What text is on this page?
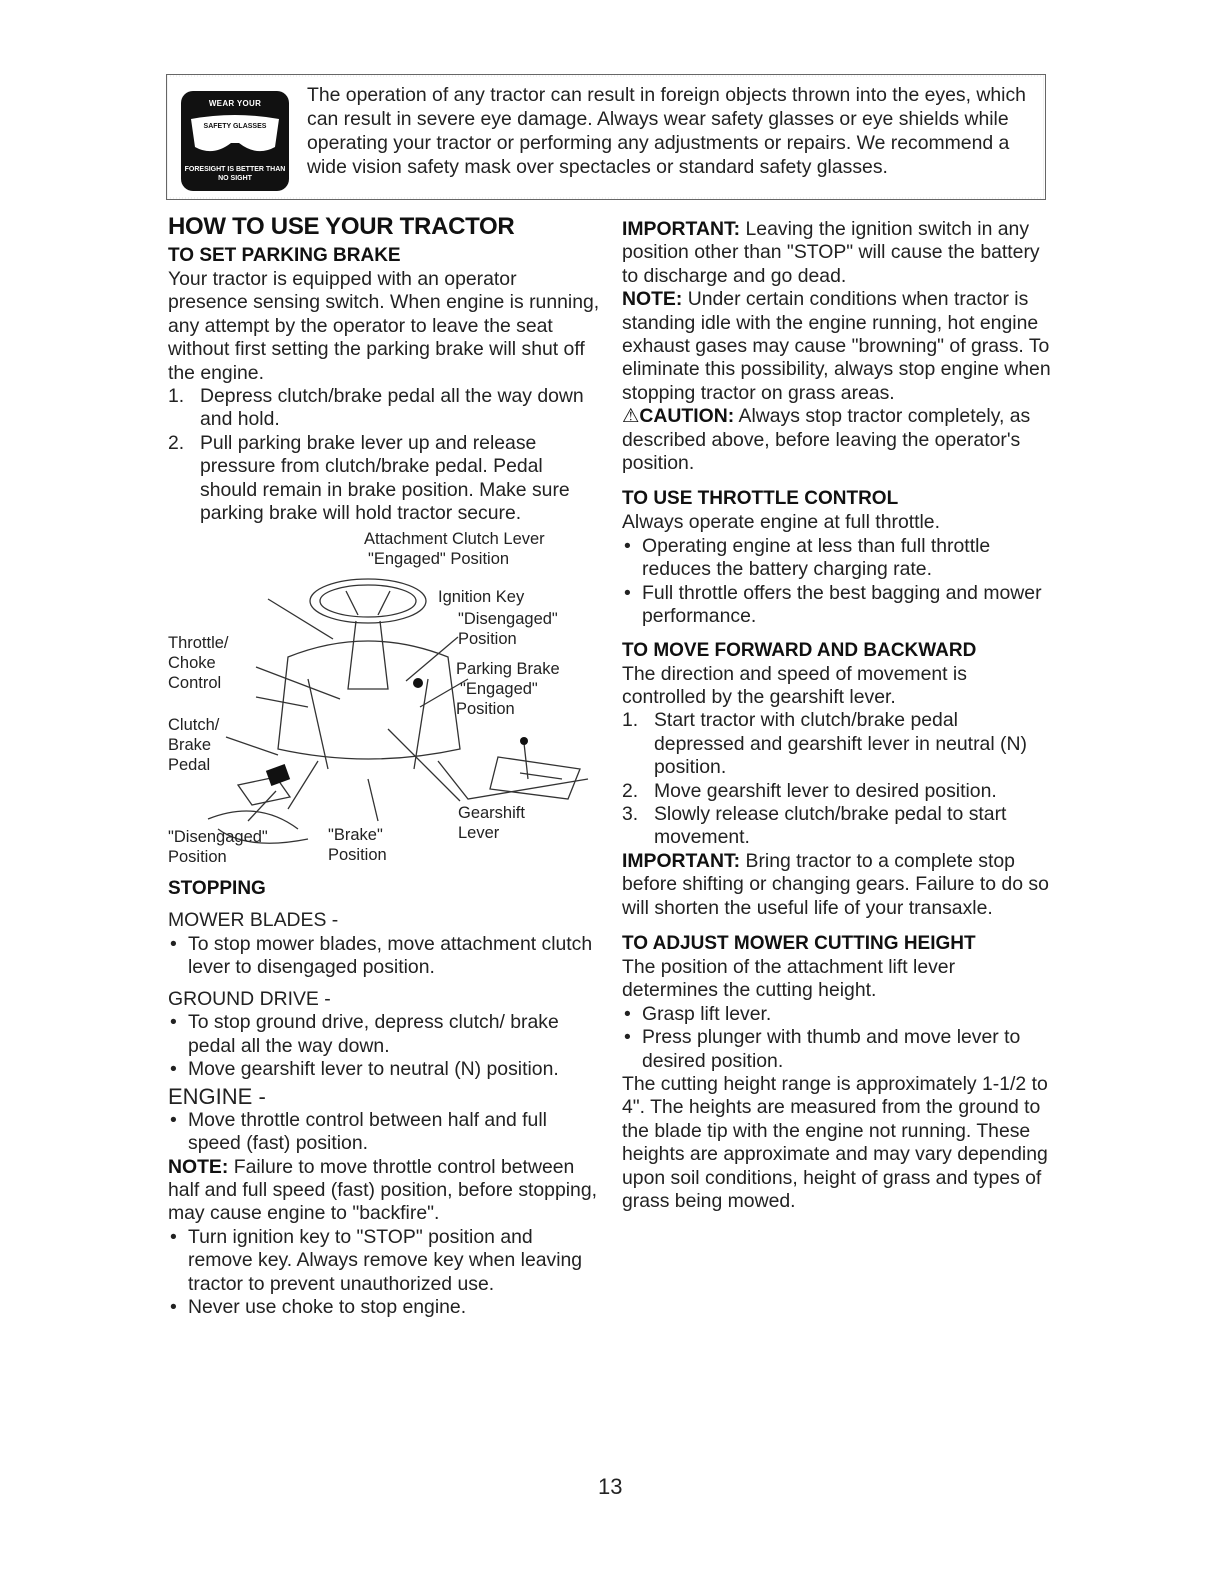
WEAR YOUR
SAFETY GLASSES
FORESIGHT IS BETTER THAN NO SIGHT
The operation of any tractor can result in foreign objects thrown into the eyes, which can result in severe eye damage. Always wear safety glasses or eye shields while operating your tractor or performing any adjustments or repairs. We recommend a wide vision safety mask over spectacles or standard safety glasses.
HOW TO USE YOUR TRACTOR
TO SET PARKING BRAKE

Your tractor is equipped with an operator presence sensing switch. When engine is running, any attempt by the operator to leave the seat without first setting the parking brake will shut off the engine.

1. Depress clutch/brake pedal all the way down and hold.
2. Pull parking brake lever up and release pressure from clutch/brake pedal. Pedal should remain in brake position. Make sure parking brake will hold tractor secure.
Attachment Clutch Lever
"Engaged" Position
Ignition Key
"Disengaged"
Position
Throttle/
Choke
Control
Parking Brake
"Engaged"
Position
Clutch/
Brake
Pedal
Gearshift
Lever
"Disengaged"
Position
"Brake"
Position
STOPPING
MOWER BLADES -
• To stop mower blades, move attachment clutch lever to disengaged position.
GROUND DRIVE -
• To stop ground drive, depress clutch/ brake pedal all the way down.
• Move gearshift lever to neutral (N) position.
ENGINE -
• Move throttle control between half and full speed (fast) position.

NOTE: Failure to move throttle control between half and full speed (fast) position, before stopping, may cause engine to "backfire".

• Turn ignition key to "STOP" position and remove key. Always remove key when leaving tractor to prevent unauthorized use.
• Never use choke to stop engine.

IMPORTANT: Leaving the ignition switch in any position other than "STOP" will cause the battery to discharge and go dead.

NOTE: Under certain conditions when tractor is standing idle with the engine running, hot engine exhaust gases may cause "browning" of grass. To eliminate this possibility, always stop engine when stopping tractor on grass areas.

⚠CAUTION: Always stop tractor completely, as described above, before leaving the operator's position.

TO USE THROTTLE CONTROL

Always operate engine at full throttle.

• Operating engine at less than full throttle reduces the battery charging rate.
• Full throttle offers the best bagging and mower performance.
TO MOVE FORWARD AND BACKWARD

The direction and speed of movement is controlled by the gearshift lever.

1. Start tractor with clutch/brake pedal depressed and gearshift lever in neutral (N) position.
2. Move gearshift lever to desired position.
3. Slowly release clutch/brake pedal to start movement.

IMPORTANT: Bring tractor to a complete stop before shifting or changing gears. Failure to do so will shorten the useful life of your transaxle.

TO ADJUST MOWER CUTTING HEIGHT

The position of the attachment lift lever determines the cutting height.

• Grasp lift lever.
• Press plunger with thumb and move lever to desired position.

The cutting height range is approximately 1-1/2 to 4". The heights are measured from the ground to the blade tip with the engine not running. These heights are approximate and may vary depending upon soil conditions, height of grass and types of grass being mowed.

13
